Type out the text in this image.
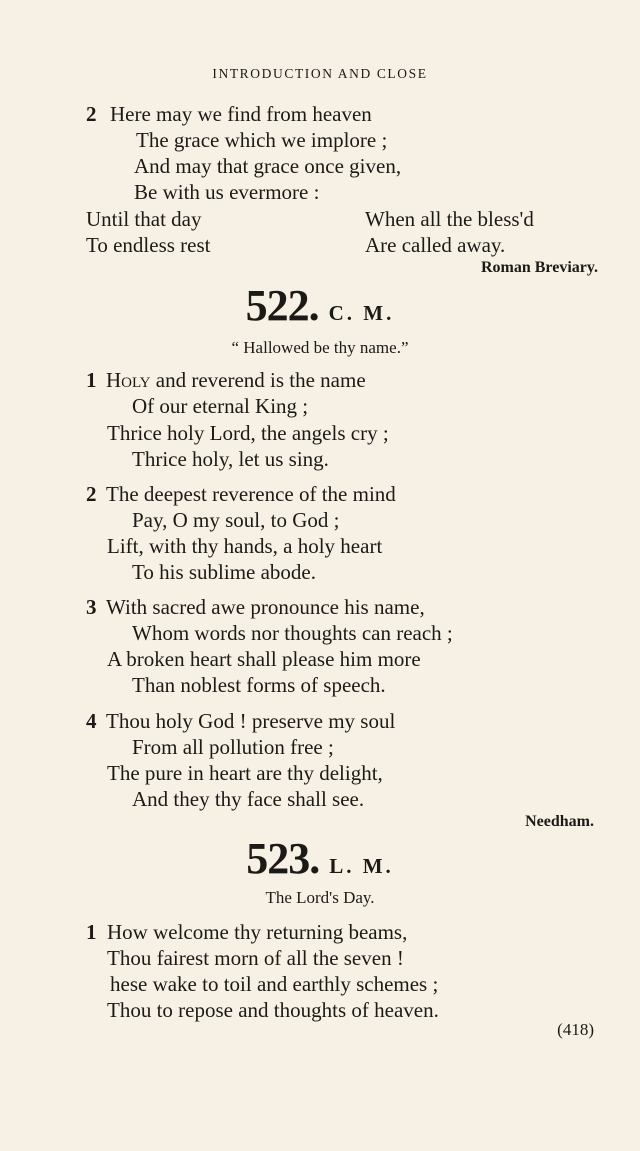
INTRODUCTION AND CLOSE
2 Here may we find from heaven
The grace which we implore ;
And may that grace once given,
Be with us evermore :
Until that day
To endless rest
When all the bless'd
Are called away.
Roman Breviary.
522. C. M.
“ Hallowed be thy name.”
1 Holy and reverend is the name
Of our eternal King ;
Thrice holy Lord, the angels cry ;
Thrice holy, let us sing.
2 The deepest reverence of the mind
Pay, O my soul, to God ;
Lift, with thy hands, a holy heart
To his sublime abode.
3 With sacred awe pronounce his name,
Whom words nor thoughts can reach ;
A broken heart shall please him more
Than noblest forms of speech.
4 Thou holy God ! preserve my soul
From all pollution free ;
The pure in heart are thy delight,
And they thy face shall see.
Needham.
523. L. M.
The Lord's Day.
1 How welcome thy returning beams,
Thou fairest morn of all the seven !
hese wake to toil and earthly schemes ;
Thou to repose and thoughts of heaven.
(418)
